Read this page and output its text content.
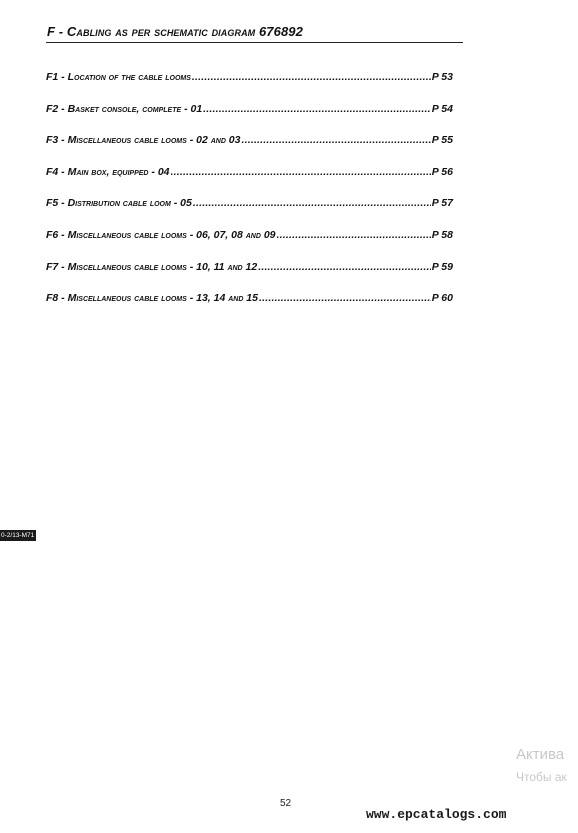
F - Cabling as per schematic diagram 676892
F1 - Location of the cable looms .....	P 53
F2 - Basket console, complete - 01 .....	P 54
F3 - Miscellaneous cable looms - 02 and 03 .....	P 55
F4 - Main box, equipped - 04 .....	P 56
F5 - Distribution cable loom - 05 .....	P 57
F6 - Miscellaneous cable looms - 06, 07, 08 and 09 .....	P 58
F7 - Miscellaneous cable looms - 10, 11 and 12 .....	P 59
F8 - Miscellaneous cable looms - 13, 14 and 15 .....	P 60
0-2/13-M71
Актива
Чтобы ак
52
www.epcatalogs.com
